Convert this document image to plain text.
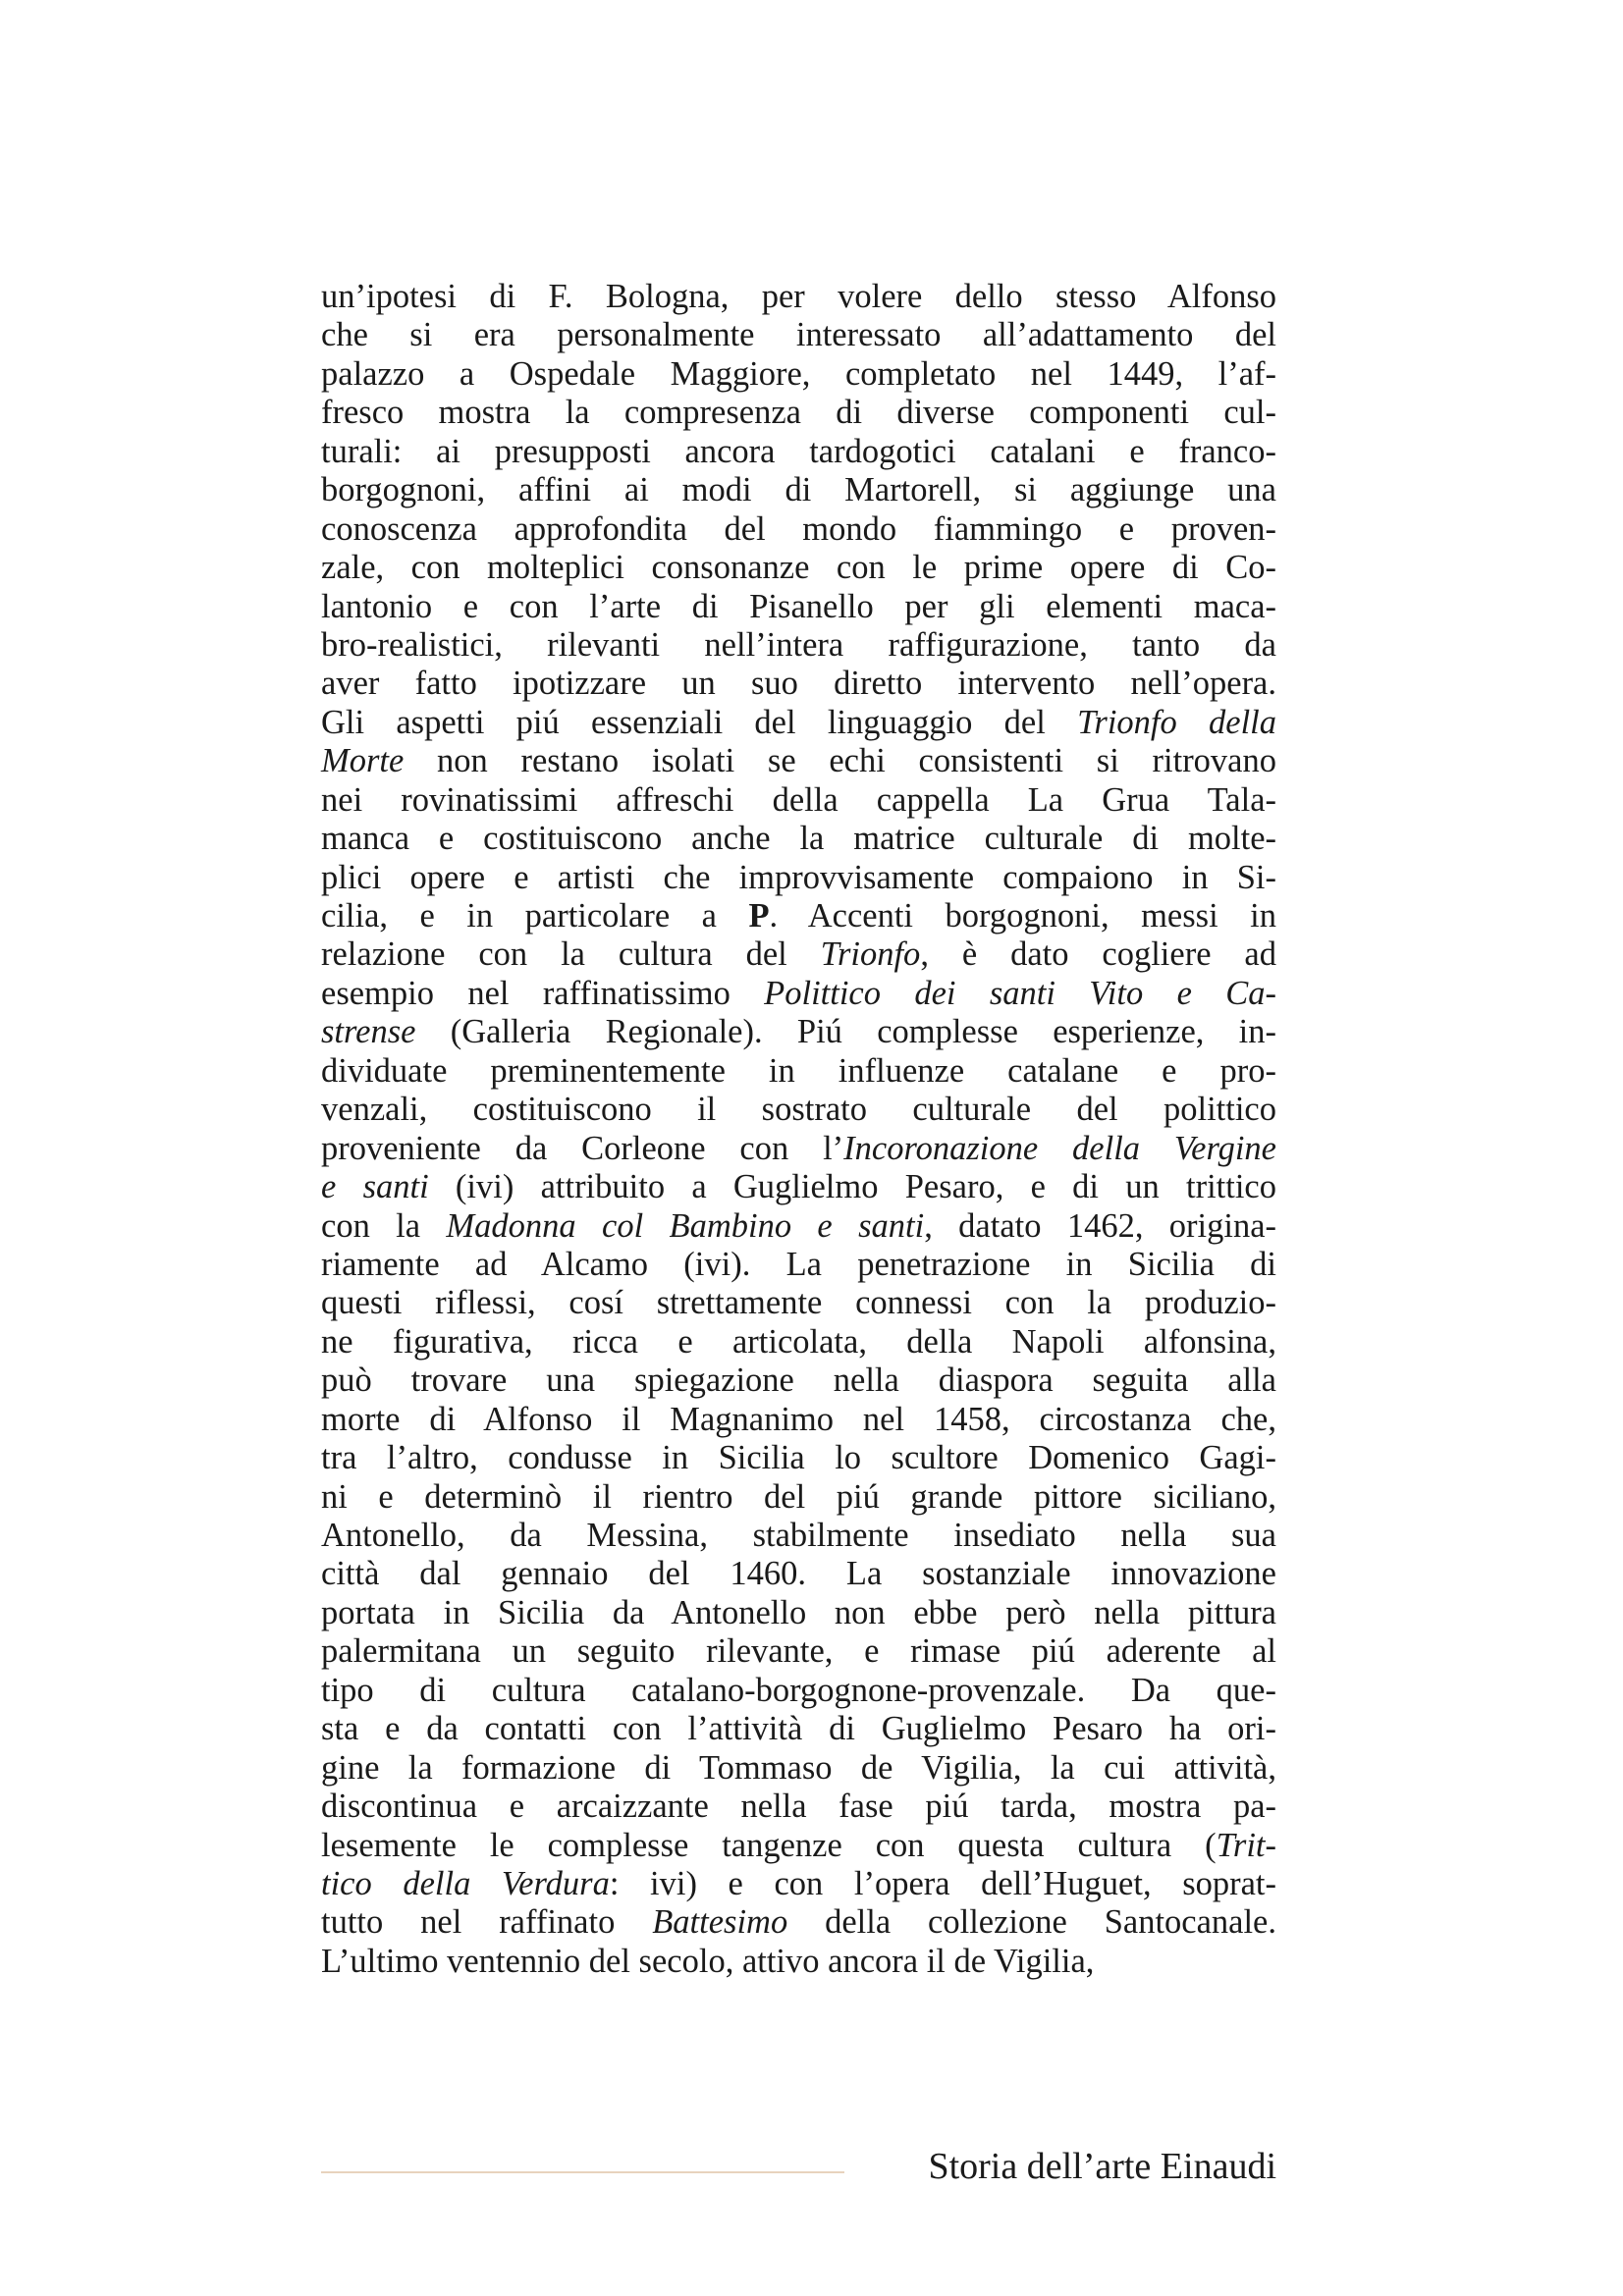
un’ipotesi di F. Bologna, per volere dello stesso Alfonso
che si era personalmente interessato all’adattamento del
palazzo a Ospedale Maggiore, completato nel 1449, l’af-
fresco mostra la compresenza di diverse componenti cul-
turali: ai presupposti ancora tardogotici catalani e franco-
borgognoni, affini ai modi di Martorell, si aggiunge una
conoscenza approfondita del mondo fiammingo e proven-
zale, con molteplici consonanze con le prime opere di Co-
lantonio e con l’arte di Pisanello per gli elementi maca-
bro-realistici, rilevanti nell’intera raffigurazione, tanto da
aver fatto ipotizzare un suo diretto intervento nell’opera.
Gli aspetti piú essenziali del linguaggio del Trionfo della
Morte non restano isolati se echi consistenti si ritrovano
nei rovinatissimi affreschi della cappella La Grua Tala-
manca e costituiscono anche la matrice culturale di molte-
plici opere e artisti che improvvisamente compaiono in Si-
cilia, e in particolare a P. Accenti borgognoni, messi in
relazione con la cultura del Trionfo, è dato cogliere ad
esempio nel raffinatissimo Polittico dei santi Vito e Ca-
strense (Galleria Regionale). Piú complesse esperienze, in-
dividuate preminentemente in influenze catalane e pro-
venzali, costituiscono il sostrato culturale del polittico
proveniente da Corleone con l’Incoronazione della Vergine
e santi (ivi) attribuito a Guglielmo Pesaro, e di un trittico
con la Madonna col Bambino e santi, datato 1462, origina-
riamente ad Alcamo (ivi). La penetrazione in Sicilia di
questi riflessi, cosí strettamente connessi con la produzio-
ne figurativa, ricca e articolata, della Napoli alfonsina,
può trovare una spiegazione nella diaspora seguita alla
morte di Alfonso il Magnanimo nel 1458, circostanza che,
tra l’altro, condusse in Sicilia lo scultore Domenico Gagi-
ni e determinò il rientro del piú grande pittore siciliano,
Antonello, da Messina, stabilmente insediato nella sua
città dal gennaio del 1460. La sostanziale innovazione
portata in Sicilia da Antonello non ebbe però nella pittura
palermitana un seguito rilevante, e rimase piú aderente al
tipo di cultura catalano-borgognone-provenzale. Da que-
sta e da contatti con l’attività di Guglielmo Pesaro ha ori-
gine la formazione di Tommaso de Vigilia, la cui attività,
discontinua e arcaizzante nella fase piú tarda, mostra pa-
lesemente le complesse tangenze con questa cultura (Trit-
tico della Verdura: ivi) e con l’opera dell’Huguet, soprat-
tutto nel raffinato Battesimo della collezione Santocanale.
L’ultimo ventennio del secolo, attivo ancora il de Vigilia,
Storia dell’arte Einaudi
